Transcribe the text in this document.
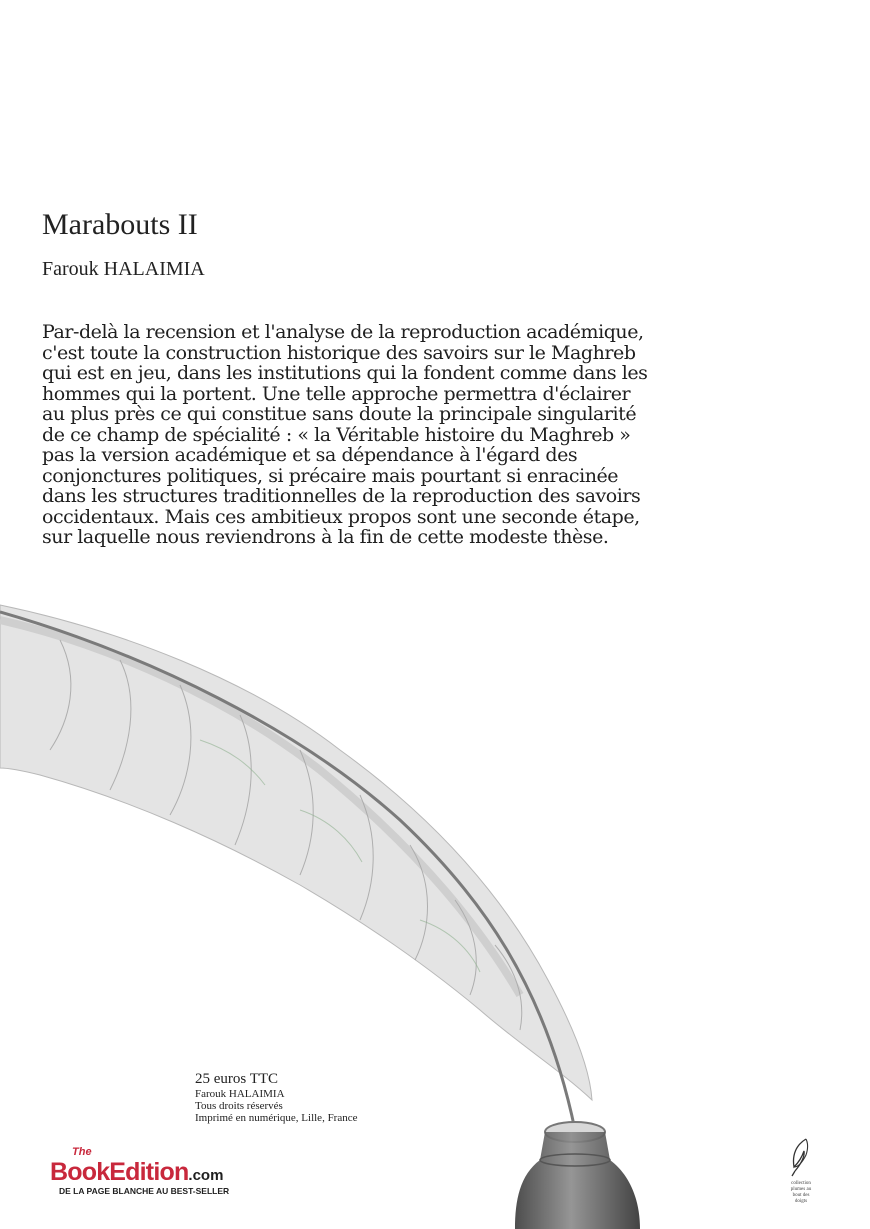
Marabouts II
Farouk HALAIMIA

Par-delà la recension et l'analyse de la reproduction académique, c'est toute la construction historique des savoirs sur le Maghreb qui est en jeu, dans les institutions qui la fondent comme dans les hommes qui la portent. Une telle approche permettra d'éclairer au plus près ce qui constitue sans doute la principale singularité de ce champ de spécialité : « la Véritable histoire du Maghreb » pas la version académique et sa dépendance à l'égard des conjonctures politiques, si précaire mais pourtant si enracinée dans les structures traditionnelles de la reproduction des savoirs occidentaux. Mais ces ambitieux propos sont une seconde étape, sur laquelle nous reviendrons à la fin de cette modeste thèse.

25 euros TTC
Farouk HALAIMIA
Tous droits réservés
Imprimé en numérique, Lille, France
The
BookEdition.com
DE LA PAGE BLANCHE AU BEST-SELLER
collection
plumes au
bout des
doigts
